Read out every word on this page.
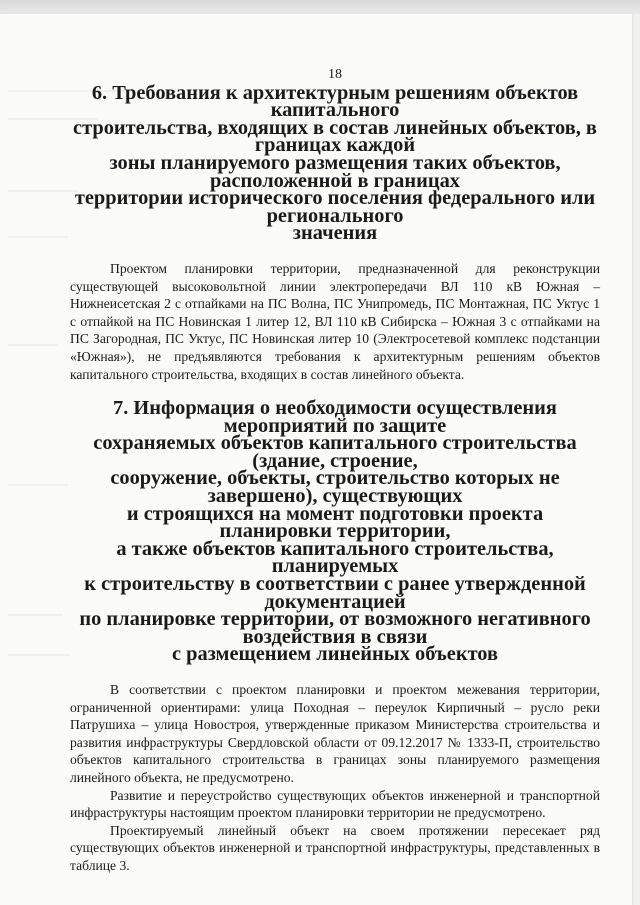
18

6. Требования к архитектурным решениям объектов капитального
строительства, входящих в состав линейных объектов, в границах каждой
зоны планируемого размещения таких объектов, расположенной в границах
территории исторического поселения федерального или регионального
значения

Проектом планировки территории, предназначенной для реконструкции существующей высоковольтной линии электропередачи ВЛ 110 кВ Южная – Нижнеисетская 2 с отпайками на ПС Волна, ПС Унипромедь, ПС Монтажная, ПС Уктус 1 с отпайкой на ПС Новинская 1 литер 12, ВЛ 110 кВ Сибирска – Южная 3 с отпайками на ПС Загородная, ПС Уктус, ПС Новинская литер 10 (Электросетевой комплекс подстанции «Южная»), не предъявляются требования к архитектурным решениям объектов капитального строительства, входящих в состав линейного объекта.

7. Информация о необходимости осуществления мероприятий по защите
сохраняемых объектов капитального строительства (здание, строение,
сооружение, объекты, строительство которых не завершено), существующих
и строящихся на момент подготовки проекта планировки территории,
а также объектов капитального строительства, планируемых
к строительству в соответствии с ранее утвержденной документацией
по планировке территории, от возможного негативного воздействия в связи
с размещением линейных объектов

В соответствии с проектом планировки и проектом межевания территории, ограниченной ориентирами: улица Походная – переулок Кирпичный – русло реки Патрушиха – улица Новостроя, утвержденные приказом Министерства строительства и развития инфраструктуры Свердловской области от 09.12.2017 № 1333-П, строительство объектов капитального строительства в границах зоны планируемого размещения линейного объекта, не предусмотрено.

Развитие и переустройство существующих объектов инженерной и транспортной инфраструктуры настоящим проектом планировки территории не предусмотрено.

Проектируемый линейный объект на своем протяжении пересекает ряд существующих объектов инженерной и транспортной инфраструктуры, представленных в таблице 3.
